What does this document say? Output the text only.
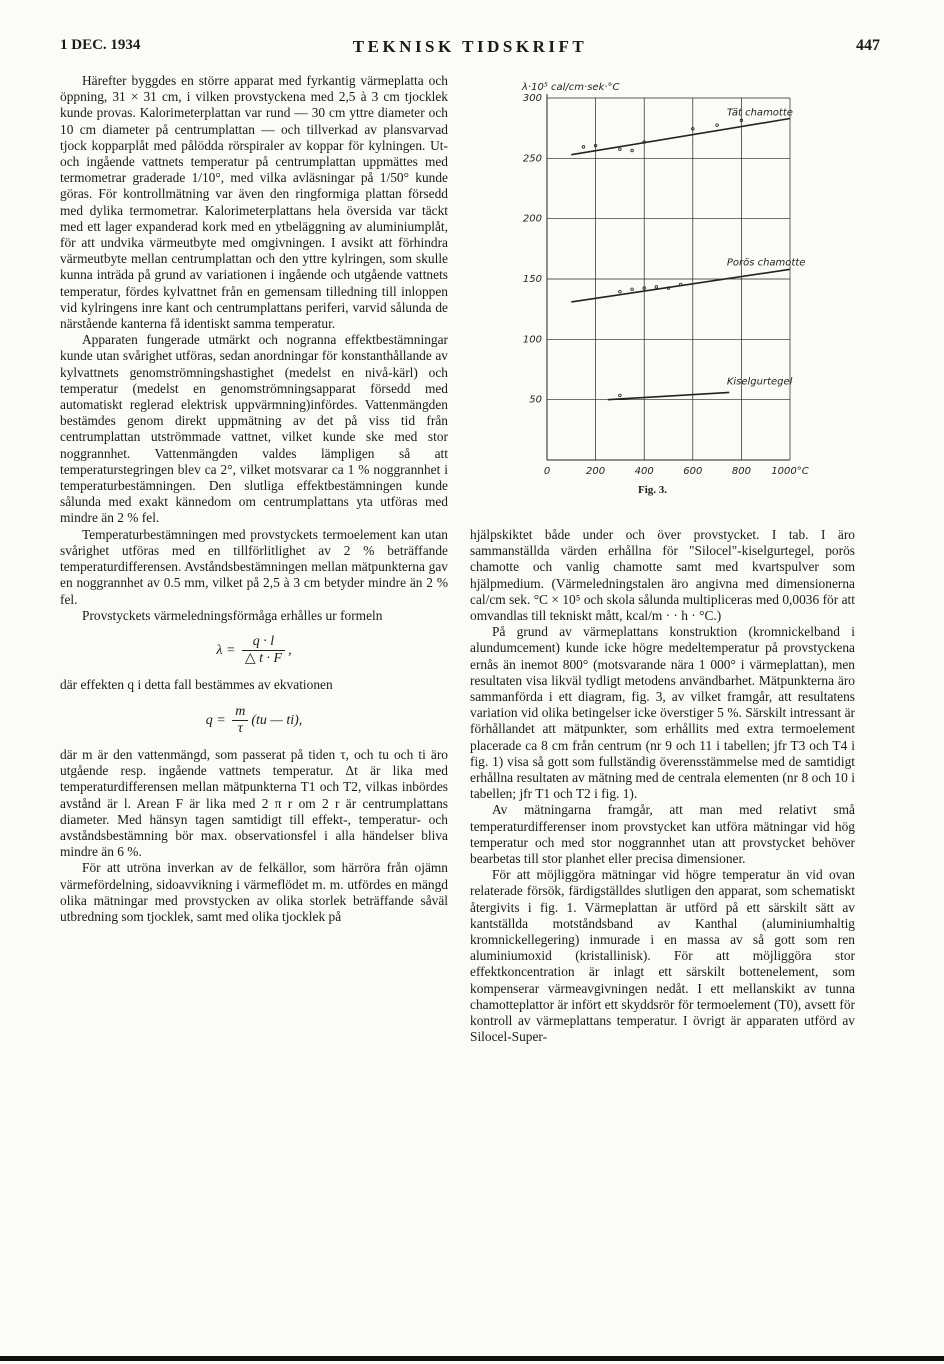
1 DEC. 1934	TEKNISK TIDSKRIFT	447

Härefter byggdes en större apparat med fyrkantig värmeplatta och öppning, 31 × 31 cm, i vilken provstyckena med 2,5 à 3 cm tjocklek kunde provas. Kalorimeterplattan var rund — 30 cm yttre diameter och 10 cm diameter på centrumplattan — och tillverkad av plansvarvad tjock kopparplåt med pålödda rörspiraler av koppar för kylningen. Ut- och ingående vattnets temperatur på centrumplattan uppmättes med termometrar graderade 1/10°, med vilka avläsningar på 1/50° kunde göras. För kontrollmätning var även den ringformiga plattan försedd med dylika termometrar. Kalorimeterplattans hela översida var täckt med ett lager expanderad kork med en ytbeläggning av aluminiumplåt, för att undvika värmeutbyte med omgivningen. I avsikt att förhindra värmeutbyte mellan centrumplattan och den yttre kylringen, som skulle kunna inträda på grund av variationen i ingående och utgående vattnets temperatur, fördes kylvattnet från en gemensam tilledning till inloppen vid kylringens inre kant och centrumplattans periferi, varvid sålunda de närstående kanterna få identiskt samma temperatur.

Apparaten fungerade utmärkt och nogranna effektbestämningar kunde utan svårighet utföras, sedan anordningar för konstanthållande av kylvattnets genomströmningshastighet (medelst en nivå-kärl) och temperatur (medelst en genomströmningsapparat försedd med automatiskt reglerad elektrisk uppvärmning)infördes. Vattenmängden bestämdes genom direkt uppmätning av det på viss tid från centrumplattan utströmmade vattnet, vilket kunde ske med stor noggrannhet. Vattenmängden valdes lämpligen så att temperaturstegringen blev ca 2°, vilket motsvarar ca 1 % noggrannhet i temperaturbestämningen. Den slutliga effektbestämningen kunde sålunda med exakt kännedom om centrumplattans yta utföras med mindre än 2 % fel.

Temperaturbestämningen med provstyckets termoelement kan utan svårighet utföras med en tillförlitlighet av 2 % beträffande temperaturdifferensen. Avståndsbestämningen mellan mätpunkterna gav en noggrannhet av 0.5 mm, vilket på 2,5 à 3 cm betyder mindre än 2 % fel.

Provstyckets värmeledningsförmåga erhålles ur formeln

$\lambda = \frac{q \cdot l}{\triangle t \cdot F}$ ,

där effekten q i detta fall bestämmes av ekvationen

$q = \frac{m}{\tau} (tu$ — ti),

där m är den vattenmängd, som passerat på tiden τ, och tu och ti äro utgående resp. ingående vattnets temperatur. Δt är lika med temperaturdifferensen mellan mätpunkterna T1 och T2, vilkas inbördes avstånd är l. Arean F är lika med 2 π r om 2 r är centrumplattans diameter. Med hänsyn tagen samtidigt till effekt-, temperatur- och avståndsbestämning bör max. observationsfel i alla händelser bliva mindre än 6 %.

För att utröna inverkan av de felkällor, som härröra från ojämn värmefördelning, sidoavvikning i värmeflödet m. m. utfördes en mängd olika mätningar med provstycken av olika storlek beträffande såväl utbredning som tjocklek, samt med olika tjocklek på

λ·10⁵ cal/cm·sek·°C
50
100
150
200
250
300
0	200	400	600	800 1000°C
Tät chamotte
Porös chamotte
Kiselgurtegel
Fig. 3.

hjälpskiktet både under och över provstycket. I tab. I äro sammanställda värden erhållna för "Silocel"-kiselgurtegel, porös chamotte och vanlig chamotte samt med kvartspulver som hjälpmedium. (Värmeledningstalen äro angivna med dimensionerna cal/cm sek. °C × 10⁵ och skola sålunda multipliceras med 0,0036 för att omvandlas till tekniskt mått, kcal/m · · h · °C.)

På grund av värmeplattans konstruktion (kromnickelband i alundumcement) kunde icke högre medeltemperatur på provstyckena ernås än inemot 800° (motsvarande nära 1 000° i värmeplattan), men resultaten visa likväl tydligt metodens användbarhet. Mätpunkterna äro sammanförda i ett diagram, fig. 3, av vilket framgår, att resultatens variation vid olika betingelser icke överstiger 5 %. Särskilt intressant är förhållandet att mätpunkter, som erhållits med extra termoelement placerade ca 8 cm från centrum (nr 9 och 11 i tabellen; jfr T3 och T4 i fig. 1) visa så gott som fullständig överensstämmelse med de samtidigt erhållna resultaten av mätning med de centrala elementen (nr 8 och 10 i tabellen; jfr T1 och T2 i fig. 1).

Av mätningarna framgår, att man med relativt små temperaturdifferenser inom provstycket kan utföra mätningar vid hög temperatur och med stor noggrannhet utan att provstycket behöver bearbetas till stor planhet eller precisa dimensioner.

För att möjliggöra mätningar vid högre temperatur än vid ovan relaterade försök, färdigställdes slutligen den apparat, som schematiskt återgivits i fig. 1. Värmeplattan är utförd på ett särskilt sätt av kantställda motståndsband av Kanthal (aluminiumhaltig kromnickellegering) inmurade i en massa av så gott som ren aluminiumoxid (kristallinisk). För att möjliggöra stor effektkoncentration är inlagt ett särskilt bottenelement, som kompenserar värmeavgivningen nedåt. I ett mellanskikt av tunna chamotteplattor är infört ett skyddsrör för termoelement (T0), avsett för kontroll av värmeplattans temperatur. I övrigt är apparaten utförd av Silocel-Super-
